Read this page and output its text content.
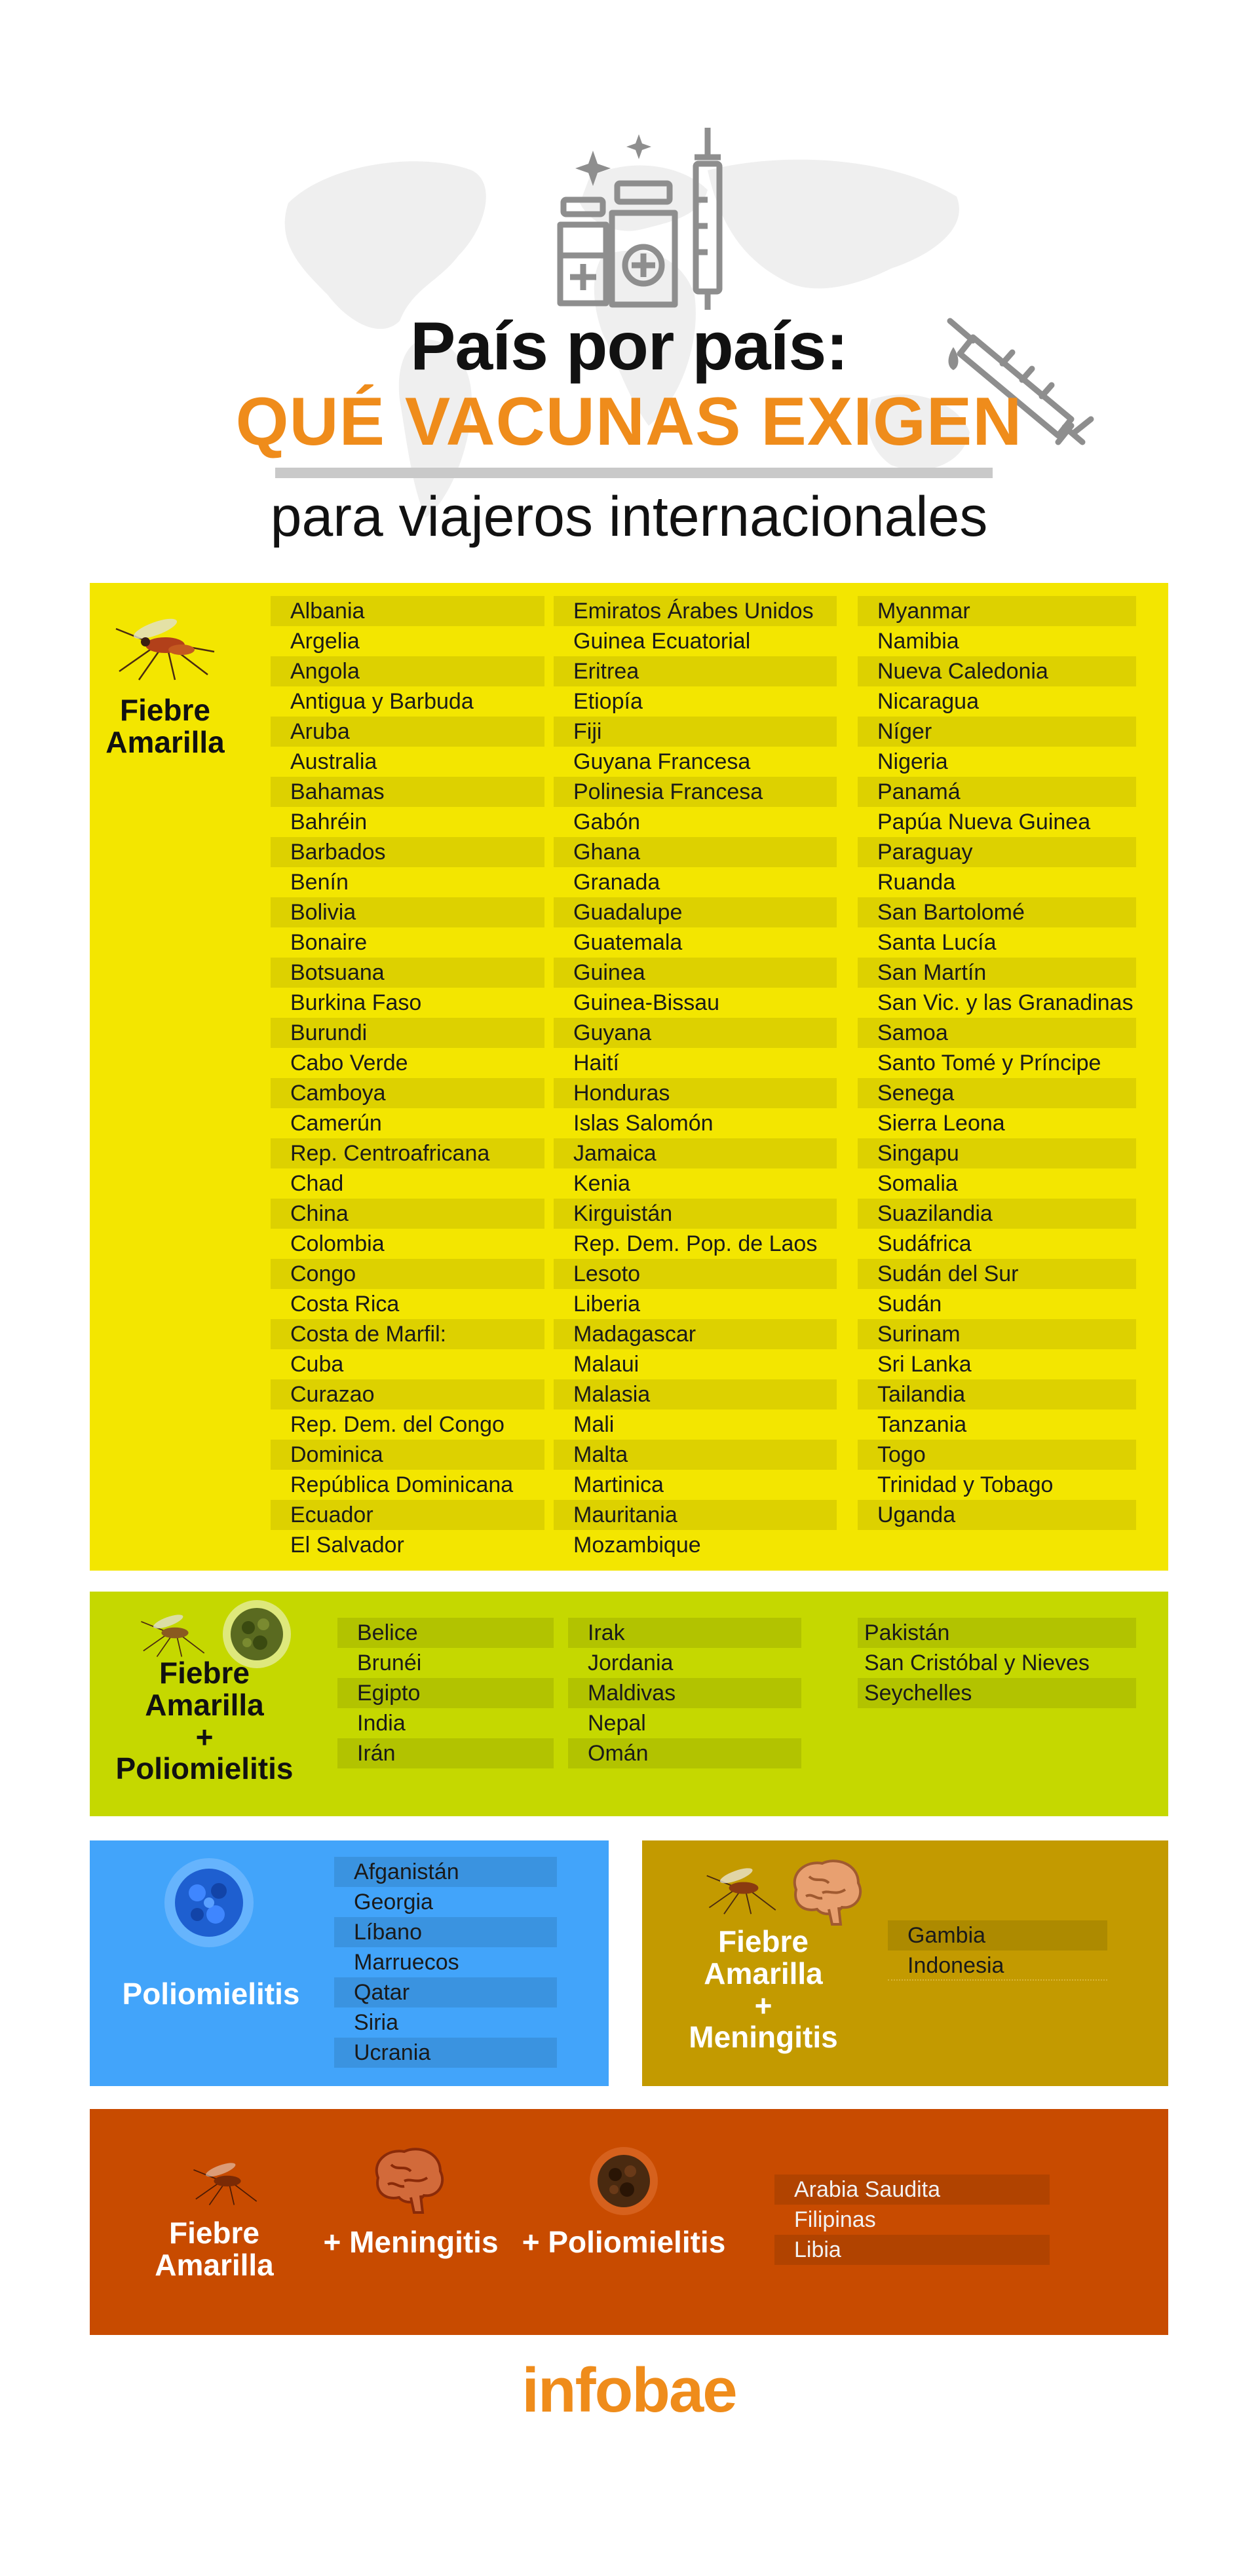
País por país:
QUÉ VACUNAS EXIGEN
para viajeros internacionales
Fiebre
Amarilla
Albania
Argelia
Angola
Antigua y Barbuda
Aruba
Australia
Bahamas
Bahréin
Barbados
Benín
Bolivia
Bonaire
Botsuana
Burkina Faso
Burundi
Cabo Verde
Camboya
Camerún
Rep. Centroafricana
Chad
China
Colombia
Congo
Costa Rica
Costa de Marfil:
Cuba
Curazao
Rep. Dem. del Congo
Dominica
República Dominicana
Ecuador
El Salvador
Emiratos Árabes Unidos
Guinea Ecuatorial
Eritrea
Etiopía
Fiji
Guyana Francesa
Polinesia Francesa
Gabón
Ghana
Granada
Guadalupe
Guatemala
Guinea
Guinea-Bissau
Guyana
Haití
Honduras
Islas Salomón
Jamaica
Kenia
Kirguistán
Rep. Dem. Pop. de Laos
Lesoto
Liberia
Madagascar
Malaui
Malasia
Mali
Malta
Martinica
Mauritania
Mozambique
Myanmar
Namibia
Nueva Caledonia
Nicaragua
Níger
Nigeria
Panamá
Papúa Nueva Guinea
Paraguay
Ruanda
San Bartolomé
Santa Lucía
San Martín
San Vic. y las Granadinas
Samoa
Santo Tomé y Príncipe
Senega
Sierra Leona
Singapu
Somalia
Suazilandia
Sudáfrica
Sudán del Sur
Sudán
Surinam
Sri Lanka
Tailandia
Tanzania
Togo
Trinidad y Tobago
Uganda
Fiebre
Amarilla
+
Poliomielitis
Belice
Brunéi
Egipto
India
Irán
Irak
Jordania
Maldivas
Nepal
Omán
Pakistán
San Cristóbal y Nieves
Seychelles
Poliomielitis
Afganistán
Georgia
Líbano
Marruecos
Qatar
Siria
Ucrania
Fiebre
Amarilla
+
Meningitis
Gambia
Indonesia
Fiebre
Amarilla
+ Meningitis + Poliomielitis
Arabia Saudita
Filipinas
Libia
infobae
